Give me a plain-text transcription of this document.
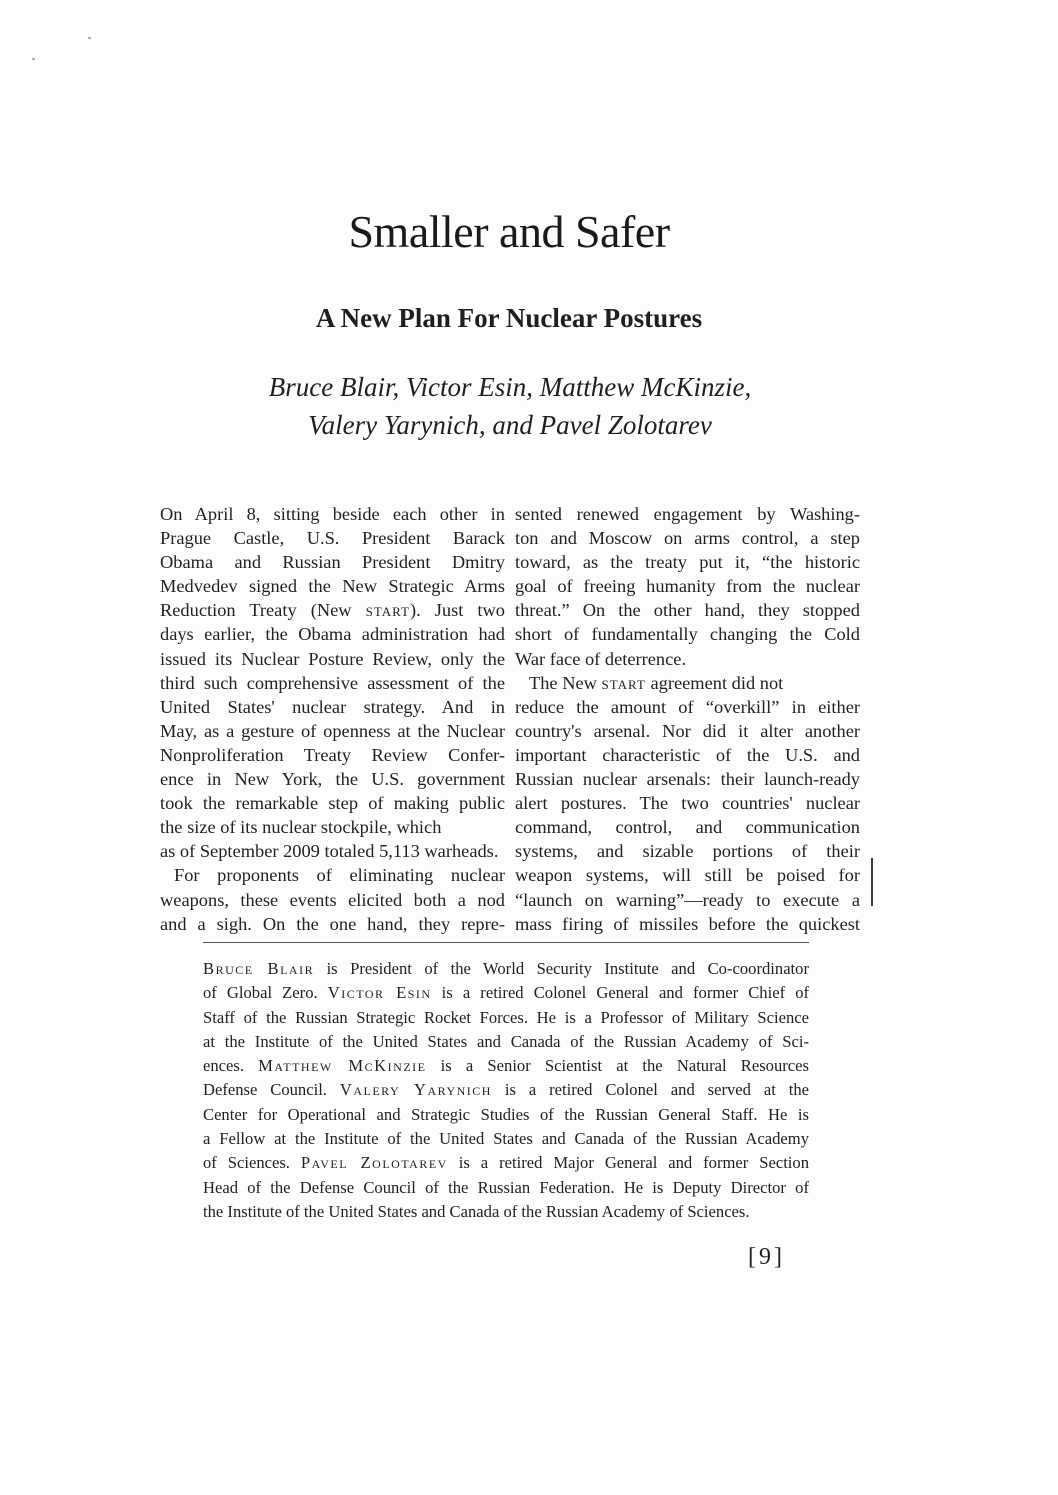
Smaller and Safer
A New Plan For Nuclear Postures
Bruce Blair, Victor Esin, Matthew McKinzie,
Valery Yarynich, and Pavel Zolotarev
On April 8, sitting beside each other in
Prague Castle, U.S. President Barack
Obama and Russian President Dmitry
Medvedev signed the New Strategic Arms
Reduction Treaty (New start). Just two
days earlier, the Obama administration had
issued its Nuclear Posture Review, only the
third such comprehensive assessment of the
United States' nuclear strategy. And in
May, as a gesture of openness at the Nuclear
Nonproliferation Treaty Review Confer-
ence in New York, the U.S. government
took the remarkable step of making public
the size of its nuclear stockpile, which
as of September 2009 totaled 5,113 warheads.
For proponents of eliminating nuclear
weapons, these events elicited both a nod
and a sigh. On the one hand, they repre-
sented renewed engagement by Washing-
ton and Moscow on arms control, a step
toward, as the treaty put it, “the historic
goal of freeing humanity from the nuclear
threat.” On the other hand, they stopped
short of fundamentally changing the Cold
War face of deterrence.
The New start agreement did not
reduce the amount of “overkill” in either
country's arsenal. Nor did it alter another
important characteristic of the U.S. and
Russian nuclear arsenals: their launch-ready
alert postures. The two countries' nuclear
command, control, and communication
systems, and sizable portions of their
weapon systems, will still be poised for
“launch on warning”—ready to execute a
mass firing of missiles before the quickest
Bruce Blair is President of the World Security Institute and Co-coordinator
of Global Zero. Victor Esin is a retired Colonel General and former Chief of
Staff of the Russian Strategic Rocket Forces. He is a Professor of Military Science
at the Institute of the United States and Canada of the Russian Academy of Sci-
ences. Matthew McKinzie is a Senior Scientist at the Natural Resources
Defense Council. Valery Yarynich is a retired Colonel and served at the
Center for Operational and Strategic Studies of the Russian General Staff. He is
a Fellow at the Institute of the United States and Canada of the Russian Academy
of Sciences. Pavel Zolotarev is a retired Major General and former Section
Head of the Defense Council of the Russian Federation. He is Deputy Director of
the Institute of the United States and Canada of the Russian Academy of Sciences.
[9]
